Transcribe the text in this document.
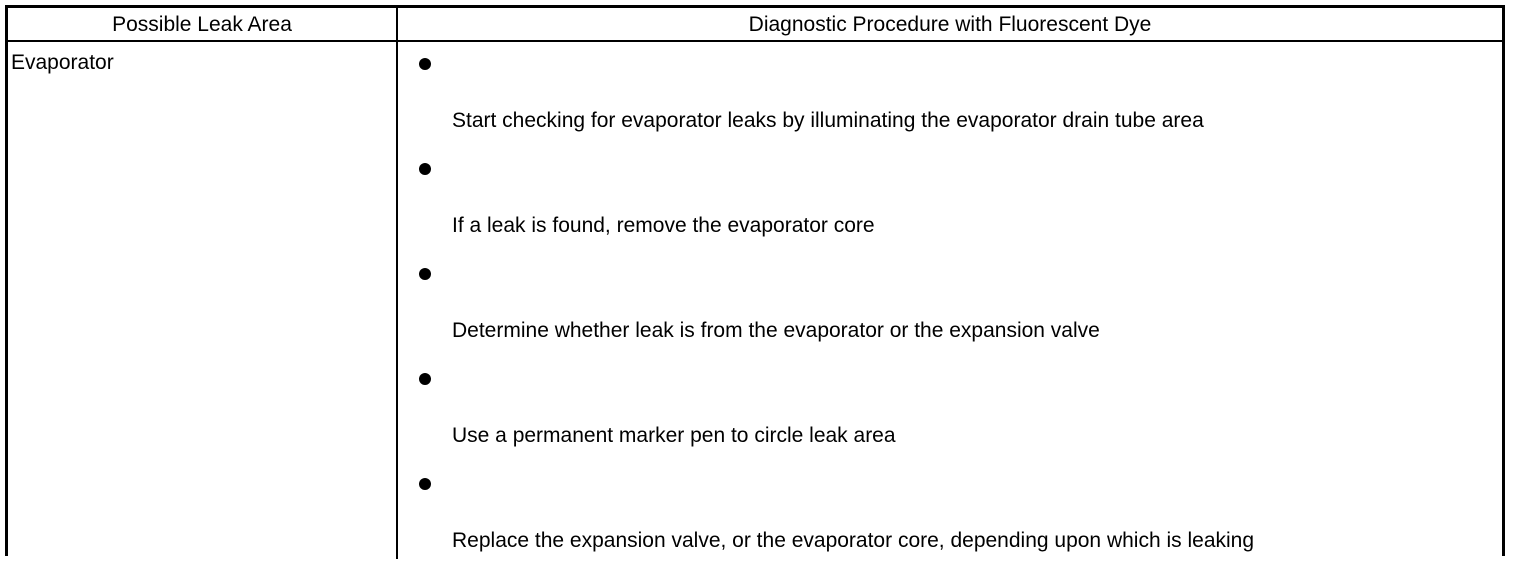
Possible Leak Area	Diagnostic Procedure with Fluorescent Dye
Evaporator
Start checking for evaporator leaks by illuminating the evaporator drain tube area
If a leak is found, remove the evaporator core
Determine whether leak is from the evaporator or the expansion valve
Use a permanent marker pen to circle leak area
Replace the expansion valve, or the evaporator core, depending upon which is leaking
